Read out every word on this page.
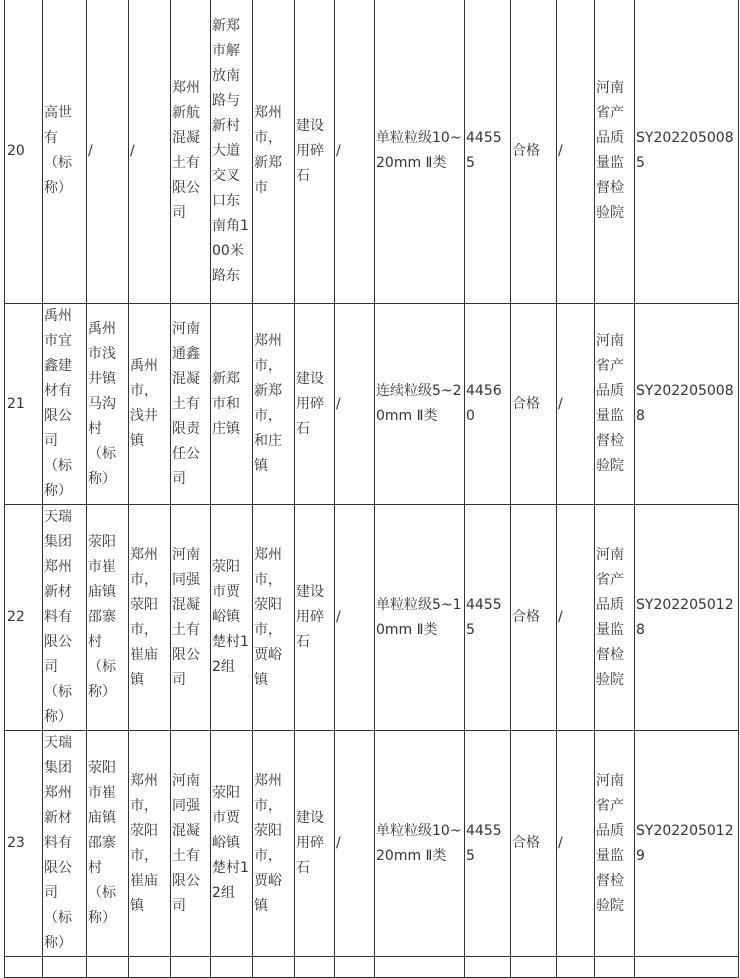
20	高世有（标称）	/	/	郑州新航混凝土有限公司	新郑市解放南路与新村大道交叉口东南角100米路东	郑州市，新郑市	建设用碎石	/	单粒粒级10~20mm Ⅱ类	44555	合格	/	河南省产品质量监督检验院	SY2022050085
21	禹州市宜鑫建材有限公司（标称）	禹州市浅井镇马沟村（标称）	禹州市，浅井镇	河南通鑫混凝土有限责任公司	新郑市和庄镇	郑州市，新郑市，和庄镇	建设用碎石	/	连续粒级5~20mm Ⅱ类	44560	合格	/	河南省产品质量监督检验院	SY2022050088
22	天瑞集团郑州新材料有限公司（标称）	荥阳市崔庙镇邵寨村（标称）	郑州市，荥阳市，崔庙镇	河南同强混凝土有限公司	荥阳市贾峪镇楚村12组	郑州市，荥阳市，贾峪镇	建设用碎石	/	单粒粒级5~10mm Ⅱ类	44555	合格	/	河南省产品质量监督检验院	SY2022050128
23	天瑞集团郑州新材料有限公司（标称）	荥阳市崔庙镇邵寨村（标称）	郑州市，荥阳市，崔庙镇	河南同强混凝土有限公司	荥阳市贾峪镇楚村12组	郑州市，荥阳市，贾峪镇	建设用碎石	/	单粒粒级10~20mm Ⅱ类	44555	合格	/	河南省产品质量监督检验院	SY2022050129
